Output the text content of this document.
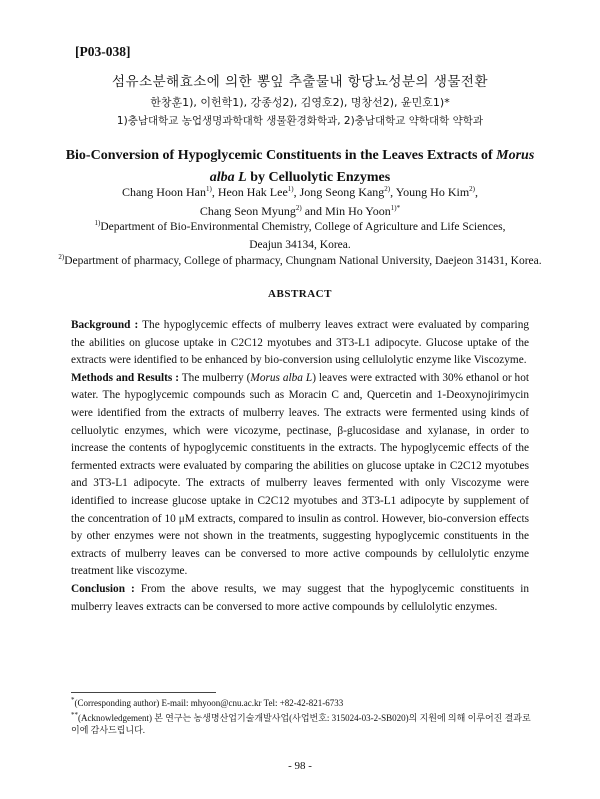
[P03-038]
섬유소분해효소에 의한 뽕잎 추출물내 항당뇨성분의 생물전환
한창훈1), 이헌학1), 강종성2), 김영호2), 명창선2), 윤민호1)*
1)충남대학교 농업생명과학대학 생물환경화학과, 2)충남대학교 약학대학 약학과
Bio-Conversion of Hypoglycemic Constituents in the Leaves Extracts of Morus
alba L by Celluolytic Enzymes
Chang Hoon Han$^{1)}$, Heon Hak Lee$^{1)}$, Jong Seong Kang$^{2)}$, Young Ho Kim$^{2)}$,
Chang Seon Myung$^{2)}$ and Min Ho Yoon$^{1)*}$
$^{1)}$Department of Bio-Environmental Chemistry, College of Agriculture and Life Sciences,
Deajun 34134, Korea.
$^{2)}$Department of pharmacy, College of pharmacy, Chungnam National University, Daejeon 31431, Korea.
ABSTRACT

Background : The hypoglycemic effects of mulberry leaves extract were evaluated by comparing the abilities on glucose uptake in C2C12 myotubes and 3T3-L1 adipocyte. Glucose uptake of the extracts were identified to be enhanced by bio-conversion using cellulolytic enzyme like Viscozyme.

Methods and Results : The mulberry (Morus alba L) leaves were extracted with 30% ethanol or hot water. The hypoglycemic compounds such as Moracin C and, Quercetin and 1-Deoxynojirimycin were identified from the extracts of mulberry leaves. The extracts were fermented using kinds of celluolytic enzymes, which were vicozyme, pectinase, β-glucosidase and xylanase, in order to increase the contents of hypoglycemic constituents in the extracts. The hypoglycemic effects of the fermented extracts were evaluated by comparing the abilities on glucose uptake in C2C12 myotubes and 3T3-L1 adipocyte. The extracts of mulberry leaves fermented with only Viscozyme were identified to increase glucose uptake in C2C12 myotubes and 3T3-L1 adipocyte by supplement of the concentration of 10 μM extracts, compared to insulin as control. However, bio-conversion effects by other enzymes were not shown in the treatments, suggesting hypoglycemic constituents in the extracts of mulberry leaves can be conversed to more active compounds by cellulolytic enzyme treatment like viscozyme.

Conclusion : From the above results, we may suggest that the hypoglycemic constituents in mulberry leaves extracts can be conversed to more active compounds by cellulolytic enzymes.

*(Corresponding author) E-mail: mhyoon@cnu.ac.kr Tel: +82-42-821-6733
**(Acknowledgement) 본 연구는 농생명산업기술개발사업(사업번호: 315024-03-2-SB020)의 지원에 의해 이루어진 결과로 이에 감사드립니다.
- 98 -
